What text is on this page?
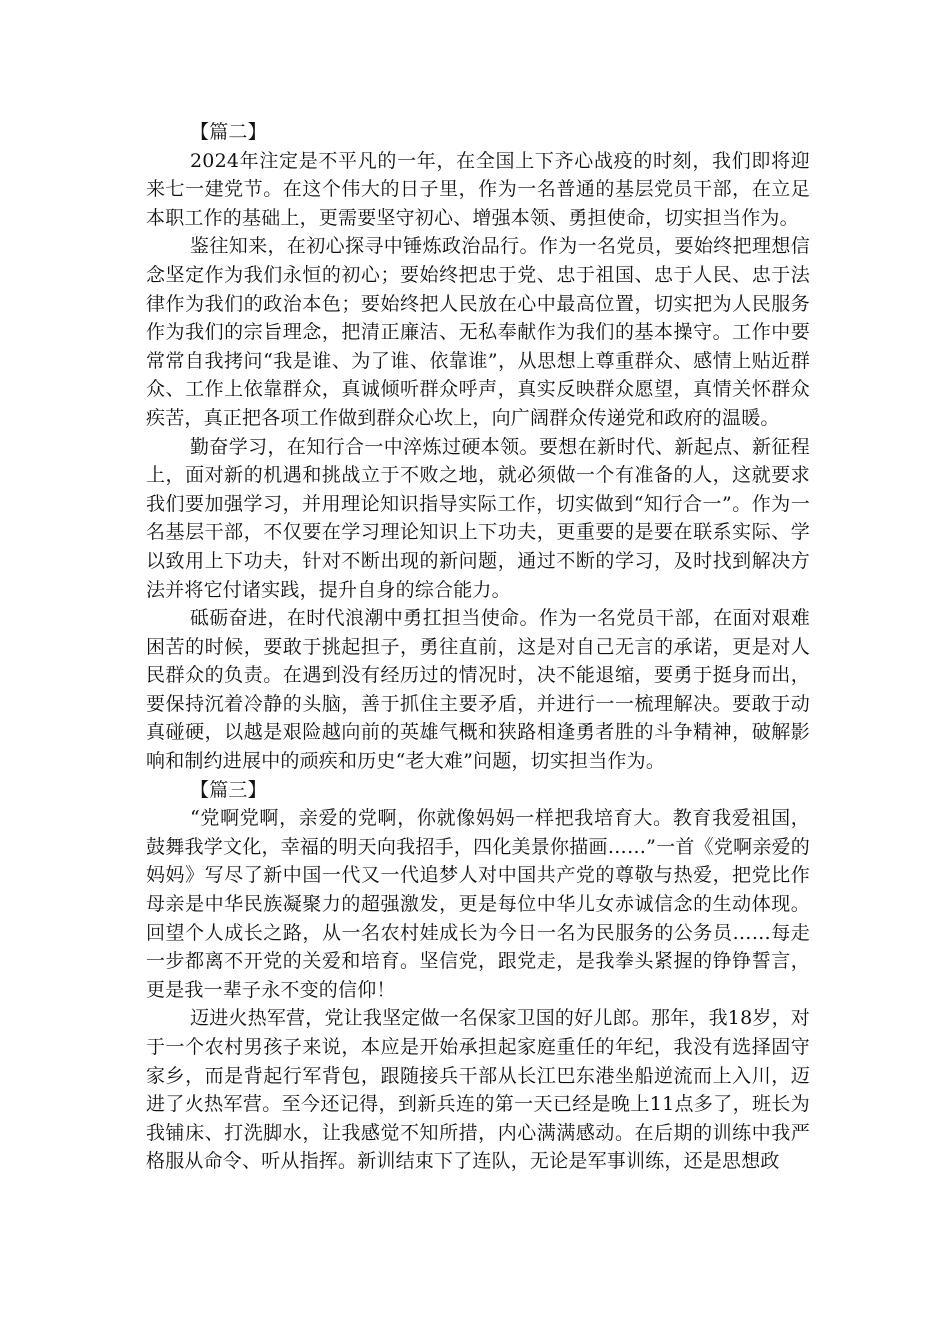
【篇二】

2024年注定是不平凡的一年，在全国上下齐心战疫的时刻，我们即将迎来七一建党节。在这个伟大的日子里，作为一名普通的基层党员干部，在立足本职工作的基础上，更需要坚守初心、增强本领、勇担使命，切实担当作为。

鉴往知来，在初心探寻中锤炼政治品行。作为一名党员，要始终把理想信念坚定作为我们永恒的初心；要始终把忠于党、忠于祖国、忠于人民、忠于法律作为我们的政治本色；要始终把人民放在心中最高位置，切实把为人民服务作为我们的宗旨理念，把清正廉洁、无私奉献作为我们的基本操守。工作中要常常自我拷问“我是谁、为了谁、依靠谁”，从思想上尊重群众、感情上贴近群众、工作上依靠群众，真诚倾听群众呼声，真实反映群众愿望，真情关怀群众疾苦，真正把各项工作做到群众心坎上，向广阔群众传递党和政府的温暖。

勤奋学习，在知行合一中淬炼过硬本领。要想在新时代、新起点、新征程上，面对新的机遇和挑战立于不败之地，就必须做一个有准备的人，这就要求我们要加强学习，并用理论知识指导实际工作，切实做到“知行合一”。作为一名基层干部，不仅要在学习理论知识上下功夫，更重要的是要在联系实际、学以致用上下功夫，针对不断出现的新问题，通过不断的学习，及时找到解决方法并将它付诸实践，提升自身的综合能力。

砥砺奋进，在时代浪潮中勇扛担当使命。作为一名党员干部，在面对艰难困苦的时候，要敢于挑起担子，勇往直前，这是对自己无言的承诺，更是对人民群众的负责。在遇到没有经历过的情况时，决不能退缩，要勇于挺身而出，要保持沉着冷静的头脑，善于抓住主要矛盾，并进行一一梳理解决。要敢于动真碰硬，以越是艰险越向前的英雄气概和狭路相逢勇者胜的斗争精神，破解影响和制约进展中的顽疾和历史“老大难”问题，切实担当作为。

【篇三】

“党啊党啊，亲爱的党啊，你就像妈妈一样把我培育大。教育我爱祖国，鼓舞我学文化，幸福的明天向我招手，四化美景你描画……”一首《党啊亲爱的妈妈》写尽了新中国一代又一代追梦人对中国共产党的尊敬与热爱，把党比作母亲是中华民族凝聚力的超强激发，更是每位中华儿女赤诚信念的生动体现。回望个人成长之路，从一名农村娃成长为今日一名为民服务的公务员……每走一步都离不开党的关爱和培育。坚信党，跟党走，是我拳头紧握的铮铮誓言，更是我一辈子永不变的信仰！

迈进火热军营，党让我坚定做一名保家卫国的好儿郎。那年，我18岁，对于一个农村男孩子来说，本应是开始承担起家庭重任的年纪，我没有选择固守家乡，而是背起行军背包，跟随接兵干部从长江巴东港坐船逆流而上入川，迈进了火热军营。至今还记得，到新兵连的第一天已经是晚上11点多了，班长为我铺床、打洗脚水，让我感觉不知所措，内心满满感动。在后期的训练中我严格服从命令、听从指挥。新训结束下了连队，无论是军事训练，还是思想政
